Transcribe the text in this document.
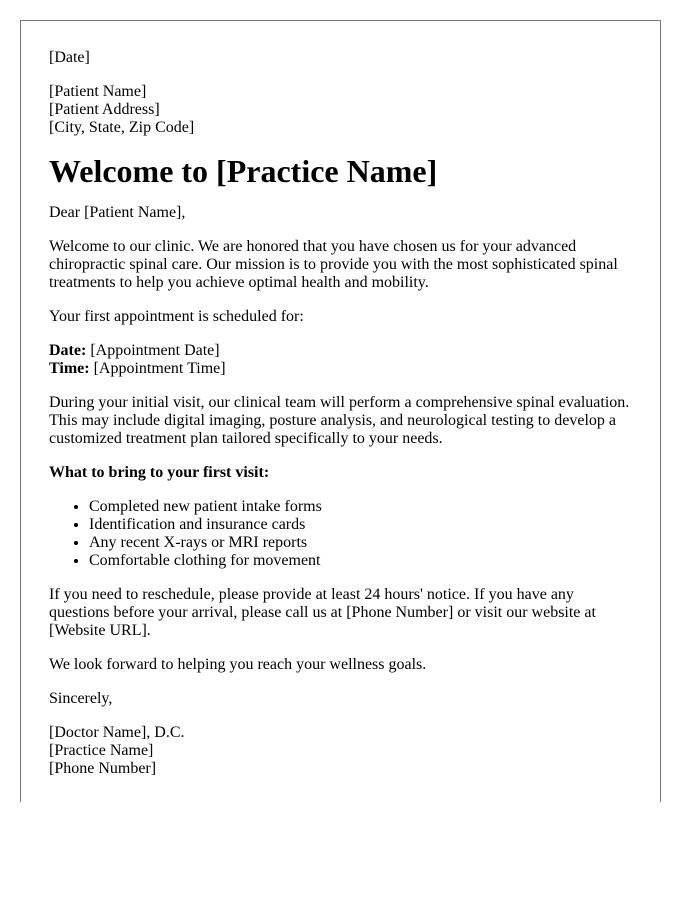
[Date]
[Patient Name]
[Patient Address]
[City, State, Zip Code]
Welcome to [Practice Name]

Dear [Patient Name],

Welcome to our clinic. We are honored that you have chosen us for your advanced chiropractic spinal care. Our mission is to provide you with the most sophisticated spinal treatments to help you achieve optimal health and mobility.

Your first appointment is scheduled for:

Date: [Appointment Date]
Time: [Appointment Time]

During your initial visit, our clinical team will perform a comprehensive spinal evaluation. This may include digital imaging, posture analysis, and neurological testing to develop a customized treatment plan tailored specifically to your needs.

What to bring to your first visit:

• Completed new patient intake forms
• Identification and insurance cards
• Any recent X-rays or MRI reports
• Comfortable clothing for movement

If you need to reschedule, please provide at least 24 hours' notice. If you have any questions before your arrival, please call us at [Phone Number] or visit our website at [Website URL].

We look forward to helping you reach your wellness goals.

Sincerely,

[Doctor Name], D.C.
[Practice Name]
[Phone Number]
